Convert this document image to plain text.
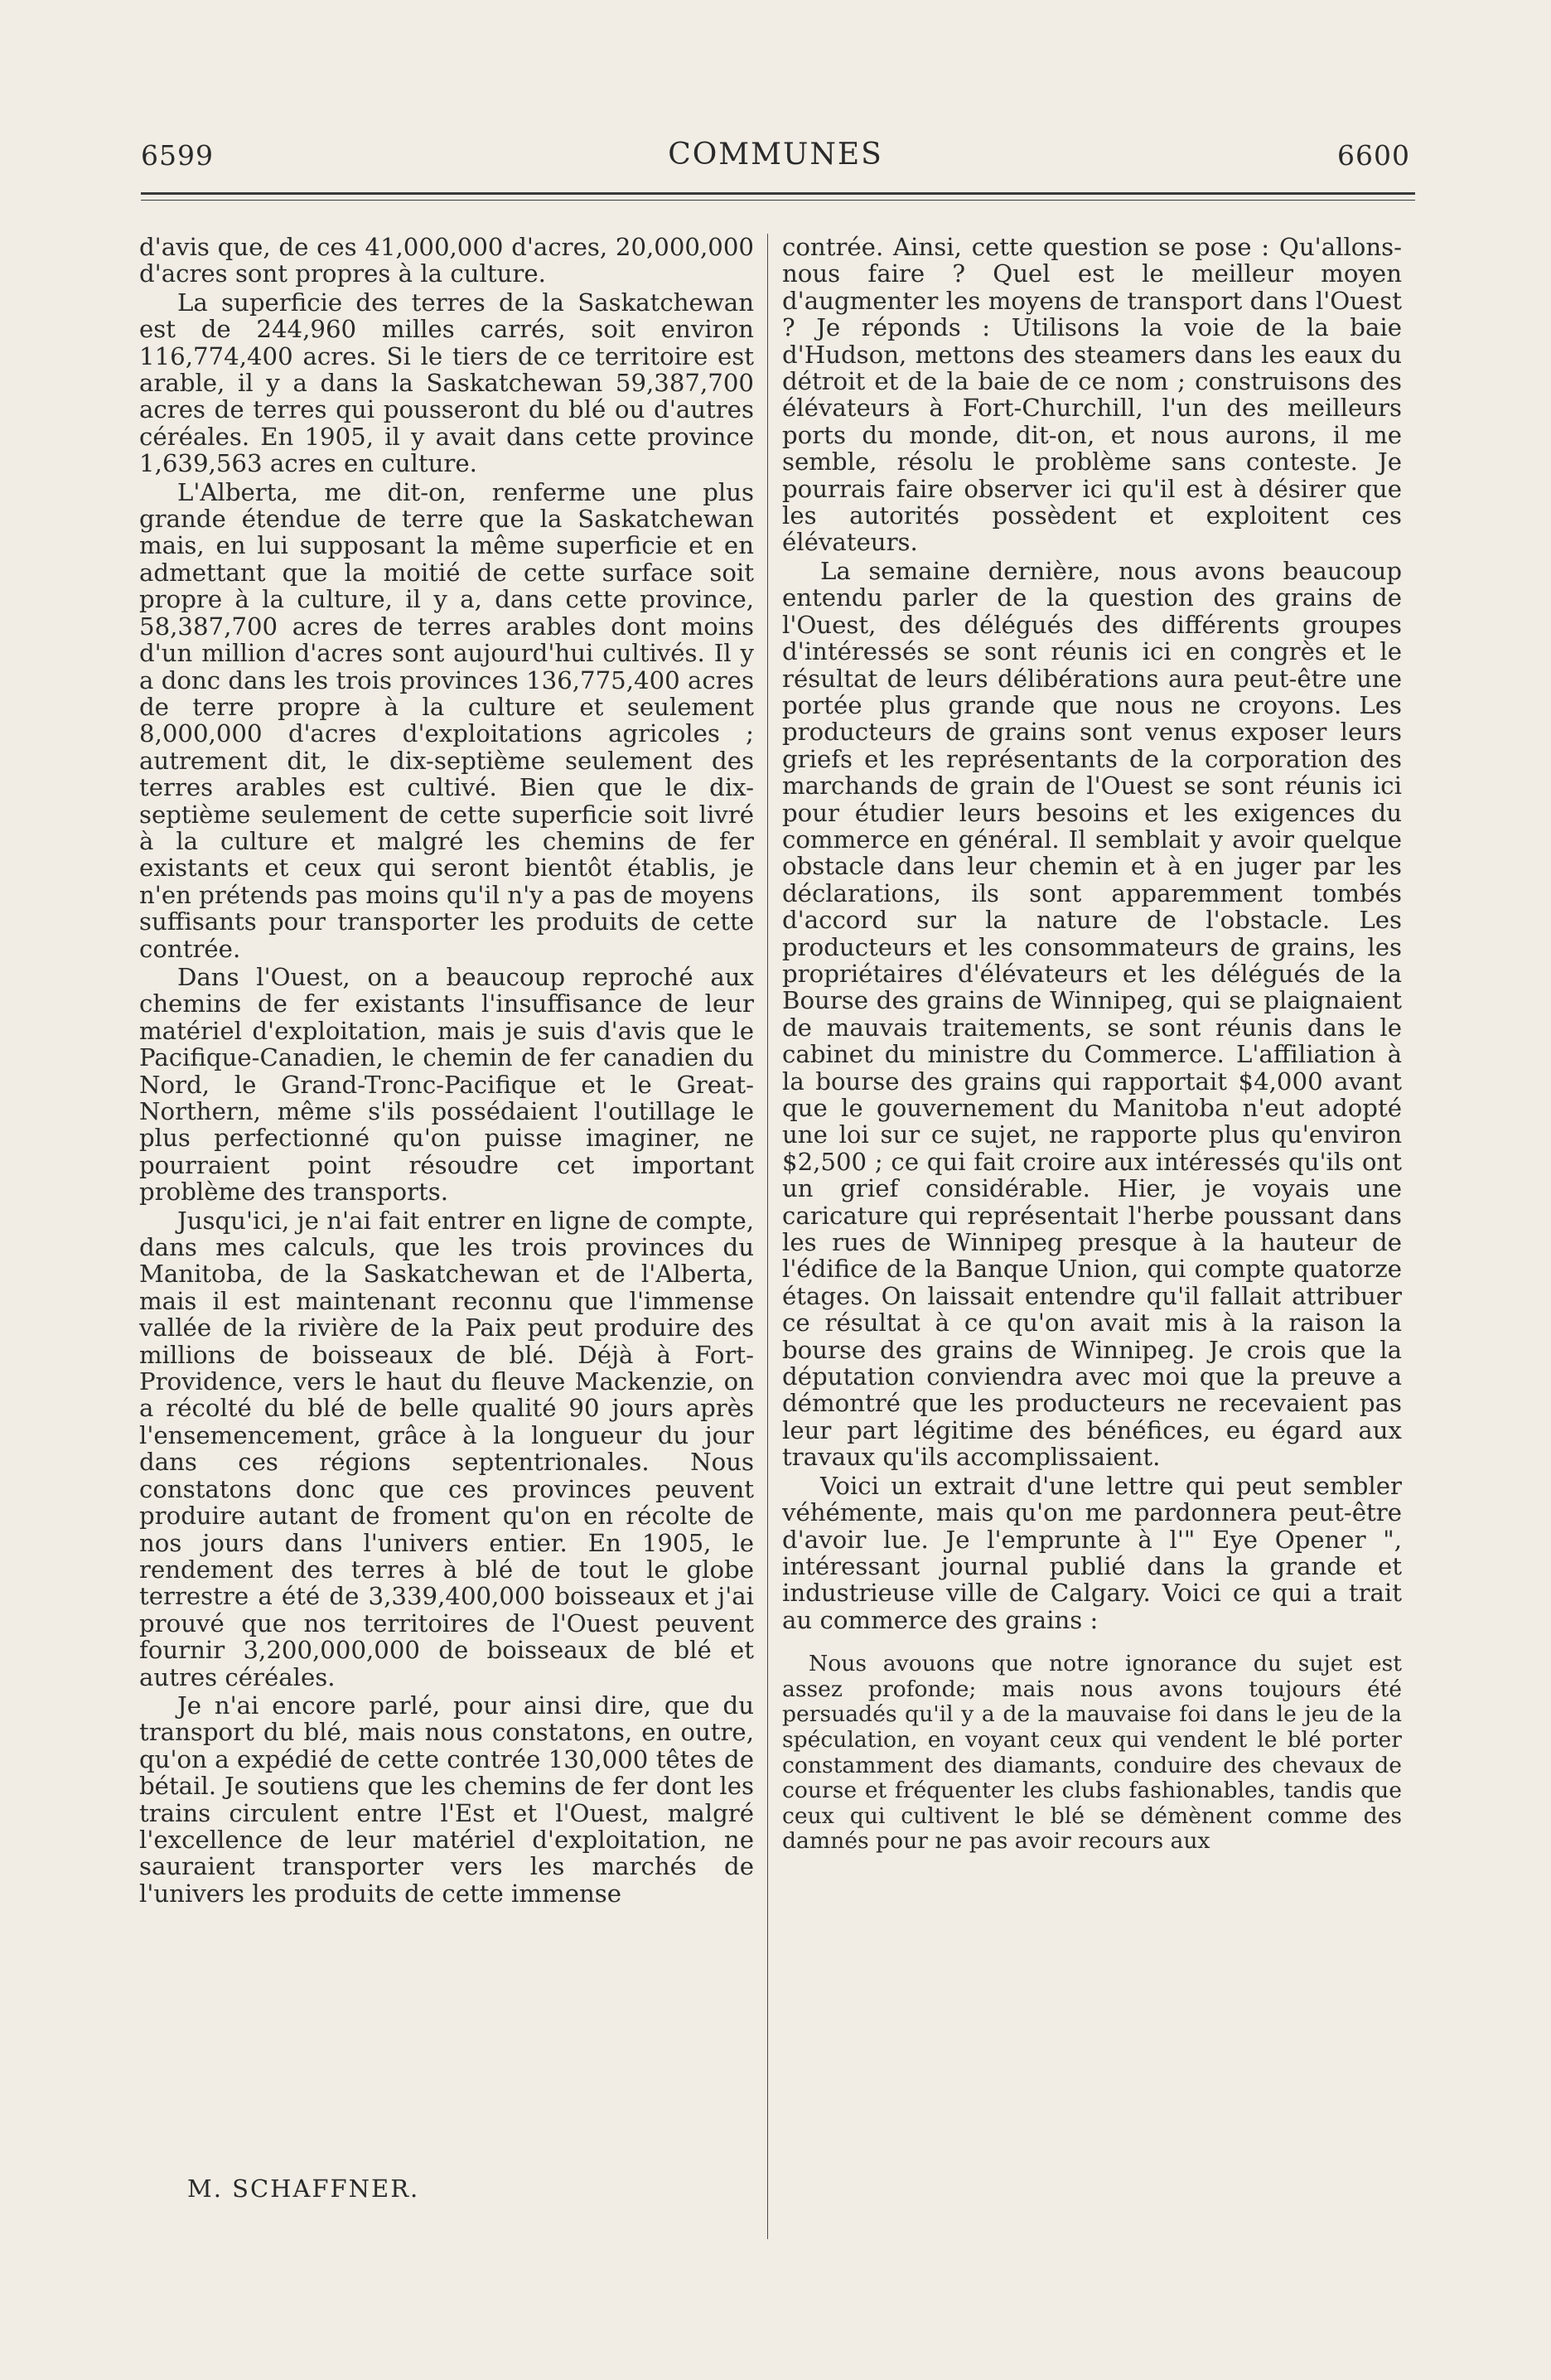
6599	COMMUNES	6600

d'avis que, de ces 41,000,000 d'acres, 20,000,000 d'acres sont propres à la culture.

La superficie des terres de la Saskatchewan est de 244,960 milles carrés, soit environ 116,774,400 acres. Si le tiers de ce territoire est arable, il y a dans la Saskatchewan 59,387,700 acres de terres qui pousseront du blé ou d'autres céréales. En 1905, il y avait dans cette province 1,639,563 acres en culture.

L'Alberta, me dit-on, renferme une plus grande étendue de terre que la Saskatchewan mais, en lui supposant la même superficie et en admettant que la moitié de cette surface soit propre à la culture, il y a, dans cette province, 58,387,700 acres de terres arables dont moins d'un million d'acres sont aujourd'hui cultivés. Il y a donc dans les trois provinces 136,775,400 acres de terre propre à la culture et seulement 8,000,000 d'acres d'exploitations agricoles ; autrement dit, le dix-septième seulement des terres arables est cultivé. Bien que le dix-septième seulement de cette superficie soit livré à la culture et malgré les chemins de fer existants et ceux qui seront bientôt établis, je n'en prétends pas moins qu'il n'y a pas de moyens suffisants pour transporter les produits de cette contrée.

Dans l'Ouest, on a beaucoup reproché aux chemins de fer existants l'insuffisance de leur matériel d'exploitation, mais je suis d'avis que le Pacifique-Canadien, le chemin de fer canadien du Nord, le Grand-Tronc-Pacifique et le Great-Northern, même s'ils possédaient l'outillage le plus perfectionné qu'on puisse imaginer, ne pourraient point résoudre cet important problème des transports.

Jusqu'ici, je n'ai fait entrer en ligne de compte, dans mes calculs, que les trois provinces du Manitoba, de la Saskatchewan et de l'Alberta, mais il est maintenant reconnu que l'immense vallée de la rivière de la Paix peut produire des millions de boisseaux de blé. Déjà à Fort-Providence, vers le haut du fleuve Mackenzie, on a récolté du blé de belle qualité 90 jours après l'ensemencement, grâce à la longueur du jour dans ces régions septentrionales. Nous constatons donc que ces provinces peuvent produire autant de froment qu'on en récolte de nos jours dans l'univers entier. En 1905, le rendement des terres à blé de tout le globe terrestre a été de 3,339,400,000 boisseaux et j'ai prouvé que nos territoires de l'Ouest peuvent fournir 3,200,000,000 de boisseaux de blé et autres céréales.

Je n'ai encore parlé, pour ainsi dire, que du transport du blé, mais nous constatons, en outre, qu'on a expédié de cette contrée 130,000 têtes de bétail. Je soutiens que les chemins de fer dont les trains circulent entre l'Est et l'Ouest, malgré l'excellence de leur matériel d'exploitation, ne sauraient transporter vers les marchés de l'univers les produits de cette immense

contrée. Ainsi, cette question se pose : Qu'allons-nous faire ? Quel est le meilleur moyen d'augmenter les moyens de transport dans l'Ouest ? Je réponds : Utilisons la voie de la baie d'Hudson, mettons des steamers dans les eaux du détroit et de la baie de ce nom ; construisons des élévateurs à Fort-Churchill, l'un des meilleurs ports du monde, dit-on, et nous aurons, il me semble, résolu le problème sans conteste. Je pourrais faire observer ici qu'il est à désirer que les autorités possèdent et exploitent ces élévateurs.

La semaine dernière, nous avons beaucoup entendu parler de la question des grains de l'Ouest, des délégués des différents groupes d'intéressés se sont réunis ici en congrès et le résultat de leurs délibérations aura peut-être une portée plus grande que nous ne croyons. Les producteurs de grains sont venus exposer leurs griefs et les représentants de la corporation des marchands de grain de l'Ouest se sont réunis ici pour étudier leurs besoins et les exigences du commerce en général. Il semblait y avoir quelque obstacle dans leur chemin et à en juger par les déclarations, ils sont apparemment tombés d'accord sur la nature de l'obstacle. Les producteurs et les consommateurs de grains, les propriétaires d'élévateurs et les délégués de la Bourse des grains de Winnipeg, qui se plaignaient de mauvais traitements, se sont réunis dans le cabinet du ministre du Commerce. L'affiliation à la bourse des grains qui rapportait $4,000 avant que le gouvernement du Manitoba n'eut adopté une loi sur ce sujet, ne rapporte plus qu'environ $2,500 ; ce qui fait croire aux intéressés qu'ils ont un grief considérable. Hier, je voyais une caricature qui représentait l'herbe poussant dans les rues de Winnipeg presque à la hauteur de l'édifice de la Banque Union, qui compte quatorze étages. On laissait entendre qu'il fallait attribuer ce résultat à ce qu'on avait mis à la raison la bourse des grains de Winnipeg. Je crois que la députation conviendra avec moi que la preuve a démontré que les producteurs ne recevaient pas leur part légitime des bénéfices, eu égard aux travaux qu'ils accomplissaient.

Voici un extrait d'une lettre qui peut sembler véhémente, mais qu'on me pardonnera peut-être d'avoir lue. Je l'emprunte à l'" Eye Opener ", intéressant journal publié dans la grande et industrieuse ville de Calgary. Voici ce qui a trait au commerce des grains :

Nous avouons que notre ignorance du sujet est assez profonde; mais nous avons toujours été persuadés qu'il y a de la mauvaise foi dans le jeu de la spéculation, en voyant ceux qui vendent le blé porter constamment des diamants, conduire des chevaux de course et fréquenter les clubs fashionables, tandis que ceux qui cultivent le blé se démènent comme des damnés pour ne pas avoir recours aux

M. SCHAFFNER.
